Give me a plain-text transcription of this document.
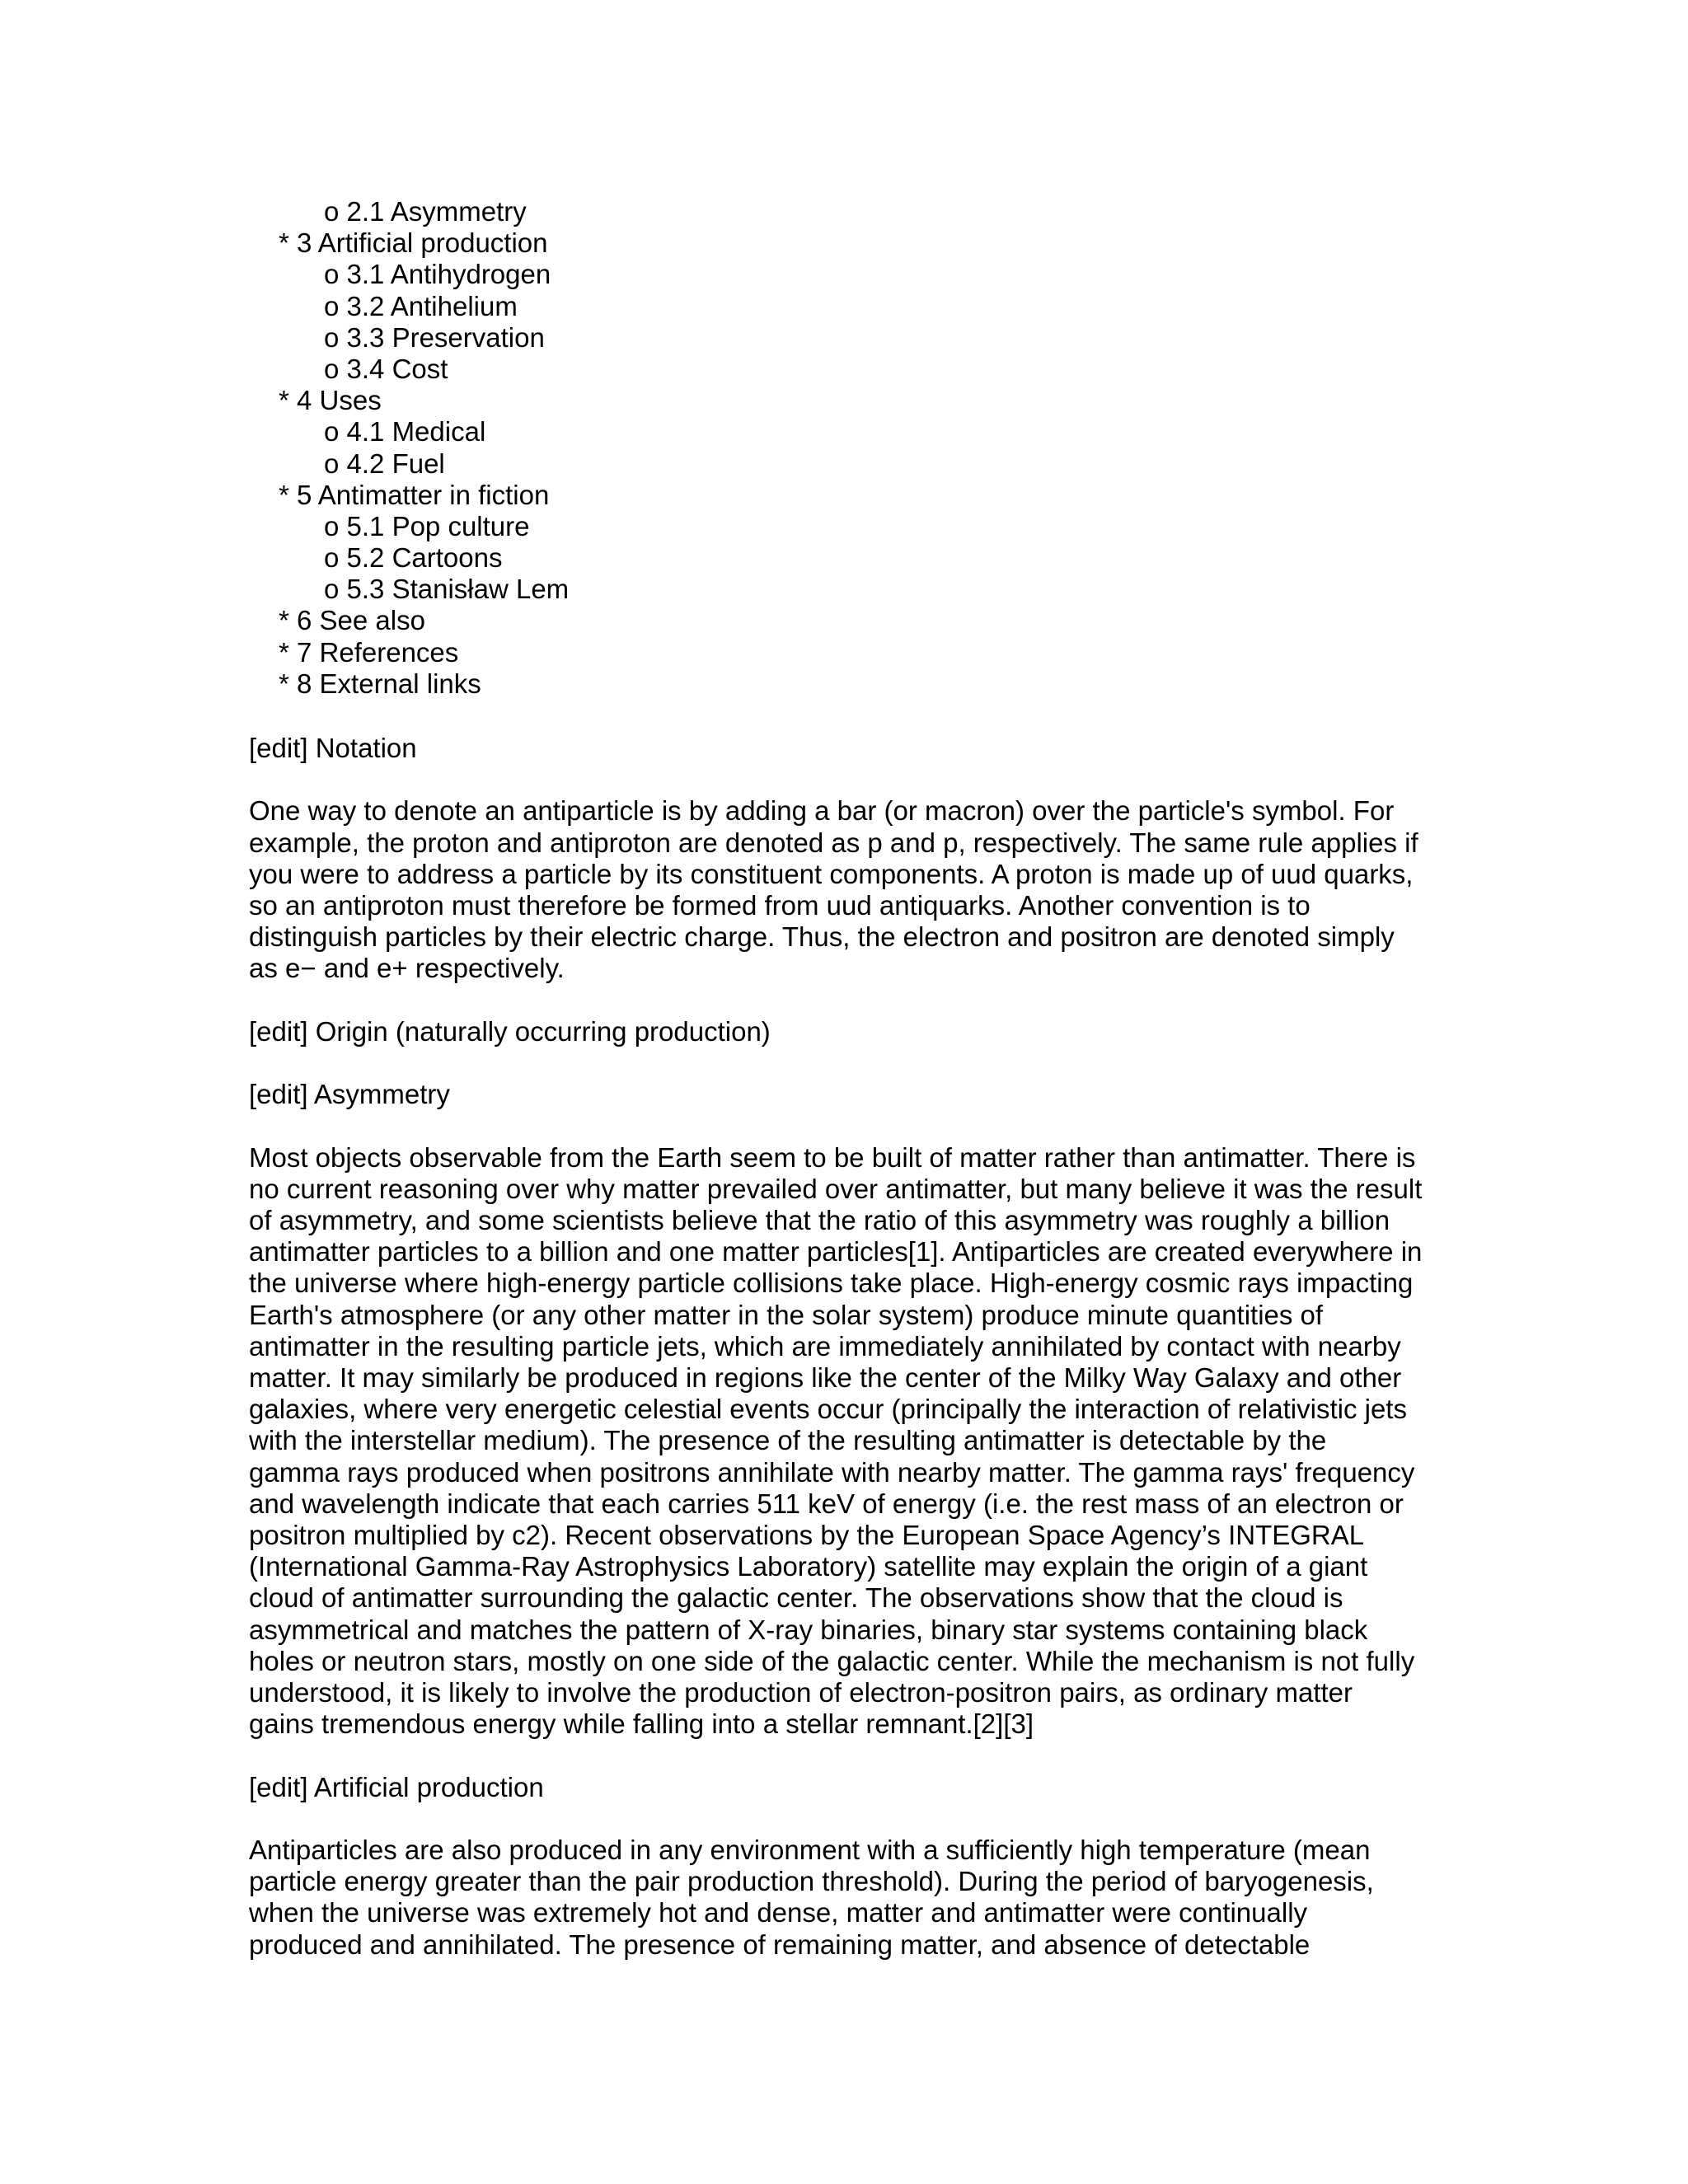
o 2.1 Asymmetry
* 3 Artificial production
o 3.1 Antihydrogen
o 3.2 Antihelium
o 3.3 Preservation
o 3.4 Cost
* 4 Uses
o 4.1 Medical
o 4.2 Fuel
* 5 Antimatter in fiction
o 5.1 Pop culture
o 5.2 Cartoons
o 5.3 Stanisław Lem
* 6 See also
* 7 References
* 8 External links
[edit] Notation
One way to denote an antiparticle is by adding a bar (or macron) over the particle's symbol. For
example, the proton and antiproton are denoted as p and p, respectively. The same rule applies if
you were to address a particle by its constituent components. A proton is made up of uud quarks,
so an antiproton must therefore be formed from uud antiquarks. Another convention is to
distinguish particles by their electric charge. Thus, the electron and positron are denoted simply
as e− and e+ respectively.
[edit] Origin (naturally occurring production)
[edit] Asymmetry
Most objects observable from the Earth seem to be built of matter rather than antimatter. There is
no current reasoning over why matter prevailed over antimatter, but many believe it was the result
of asymmetry, and some scientists believe that the ratio of this asymmetry was roughly a billion
antimatter particles to a billion and one matter particles[1]. Antiparticles are created everywhere in
the universe where high-energy particle collisions take place. High-energy cosmic rays impacting
Earth's atmosphere (or any other matter in the solar system) produce minute quantities of
antimatter in the resulting particle jets, which are immediately annihilated by contact with nearby
matter. It may similarly be produced in regions like the center of the Milky Way Galaxy and other
galaxies, where very energetic celestial events occur (principally the interaction of relativistic jets
with the interstellar medium). The presence of the resulting antimatter is detectable by the
gamma rays produced when positrons annihilate with nearby matter. The gamma rays' frequency
and wavelength indicate that each carries 511 keV of energy (i.e. the rest mass of an electron or
positron multiplied by c2). Recent observations by the European Space Agency’s INTEGRAL
(International Gamma-Ray Astrophysics Laboratory) satellite may explain the origin of a giant
cloud of antimatter surrounding the galactic center. The observations show that the cloud is
asymmetrical and matches the pattern of X-ray binaries, binary star systems containing black
holes or neutron stars, mostly on one side of the galactic center. While the mechanism is not fully
understood, it is likely to involve the production of electron-positron pairs, as ordinary matter
gains tremendous energy while falling into a stellar remnant.[2][3]
[edit] Artificial production
Antiparticles are also produced in any environment with a sufficiently high temperature (mean
particle energy greater than the pair production threshold). During the period of baryogenesis,
when the universe was extremely hot and dense, matter and antimatter were continually
produced and annihilated. The presence of remaining matter, and absence of detectable
